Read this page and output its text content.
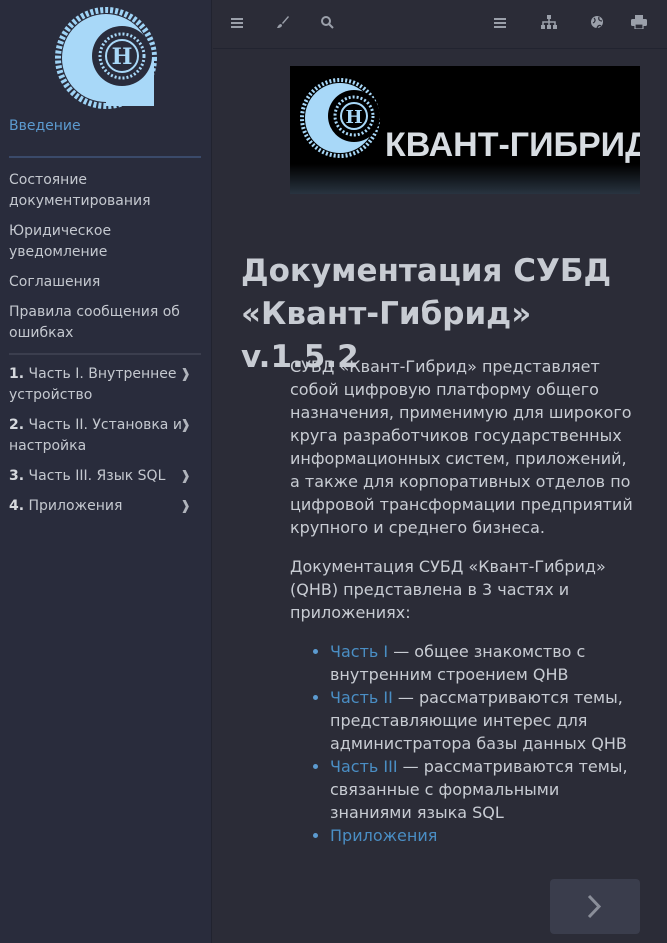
H
Введение
Состояние документирования
Юридическое уведомление
Соглашения
Правила сообщения об ошибках
1. Часть I. Внутреннее устройство
❱
2. Часть II. Установка и настройка
❱
3. Часть III. Язык SQL ❱
4. Приложения	❱
H
КВАНТ-ГИБРИД
Документация СУБД «Квант-Гибрид» v.1.5.2

СУБД «Квант-Гибрид» представляет собой цифровую платформу общего назначения, применимую для широкого круга разработчиков государственных информационных систем, приложений, а также для корпоративных отделов по цифровой трансформации предприятий крупного и среднего бизнеса.

Документация СУБД «Квант-Гибрид» (QHB) представлена в 3 частях и приложениях:

• Часть I — общее знакомство с внутренним строением QHB
• Часть II — рассматриваются темы, представляющие интерес для администратора базы данных QHB
• Часть III — рассматриваются темы, связанные с формальными знаниями языка SQL
• Приложения
